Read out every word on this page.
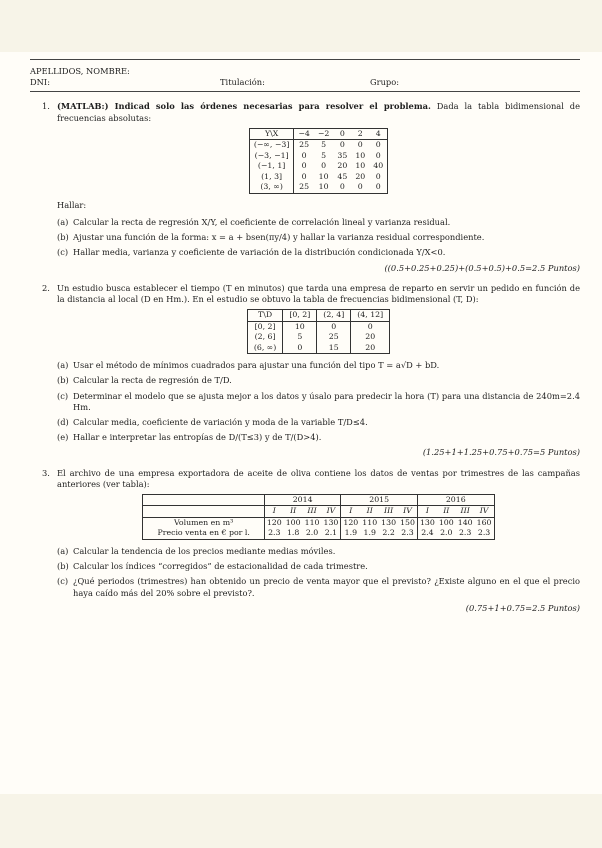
APELLIDOS, NOMBRE:
DNI:	Titulación:	Grupo:
1. (MATLAB:) Indicad solo las órdenes necesarias para resolver el problema. Dada la tabla bidimensional de frecuencias absolutas:
Y\X	−4	−2	0	2	4
(−∞, −3]	25	5	0	0	0
(−3, −1]	0	5	35	10	0
(−1, 1]	0	0	20	10	40
(1, 3]	0	10	45	20	0
(3, ∞)	25	10	0	0	0
Hallar:
(a) Calcular la recta de regresión X/Y, el coeficiente de correlación lineal y varianza residual.
(b) Ajustar una función de la forma: x = a + bsen(πy/4) y hallar la varianza residual correspondiente.
(c) Hallar media, varianza y coeficiente de variación de la distribución condicionada Y/X<0.
((0.5+0.25+0.25)+(0.5+0.5)+0.5=2.5 Puntos)
2. Un estudio busca establecer el tiempo (T en minutos) que tarda una empresa de reparto en servir un pedido en función de la distancia al local (D en Hm.). En el estudio se obtuvo la tabla de frecuencias bidimensional (T, D):
T\D	[0, 2]	(2, 4]	(4, 12]
[0, 2]	10	0	0
(2, 6]	5	25	20
(6, ∞)	0	15	20
(a) Usar el método de mínimos cuadrados para ajustar una función del tipo T = a√D + bD.
(b) Calcular la recta de regresión de T/D.
(c) Determinar el modelo que se ajusta mejor a los datos y úsalo para predecir la hora (T) para una distancia de 240m=2.4 Hm.
(d) Calcular media, coeficiente de variación y moda de la variable T/D≤4.
(e) Hallar e interpretar las entropías de D/(T≤3) y de T/(D>4).
(1.25+1+1.25+0.75+0.75=5 Puntos)
3. El archivo de una empresa exportadora de aceite de oliva contiene los datos de ventas por trimestres de las campañas anteriores (ver tabla):
	2014				2015				2016			
	I	II	III	IV	I	II	III	IV	I	II	III	IV
Volumen en m³	120	100	110	130	120	110	130	150	130	100	140	160
Precio venta en € por l.	2.3	1.8	2.0	2.1	1.9	1.9	2.2	2.3	2.4	2.0	2.3	2.3
(a) Calcular la tendencia de los precios mediante medias móviles.
(b) Calcular los índices “corregidos” de estacionalidad de cada trimestre.
(c) ¿Qué periodos (trimestres) han obtenido un precio de venta mayor que el previsto? ¿Existe alguno en el que el precio haya caído más del 20% sobre el previsto?.
(0.75+1+0.75=2.5 Puntos)
